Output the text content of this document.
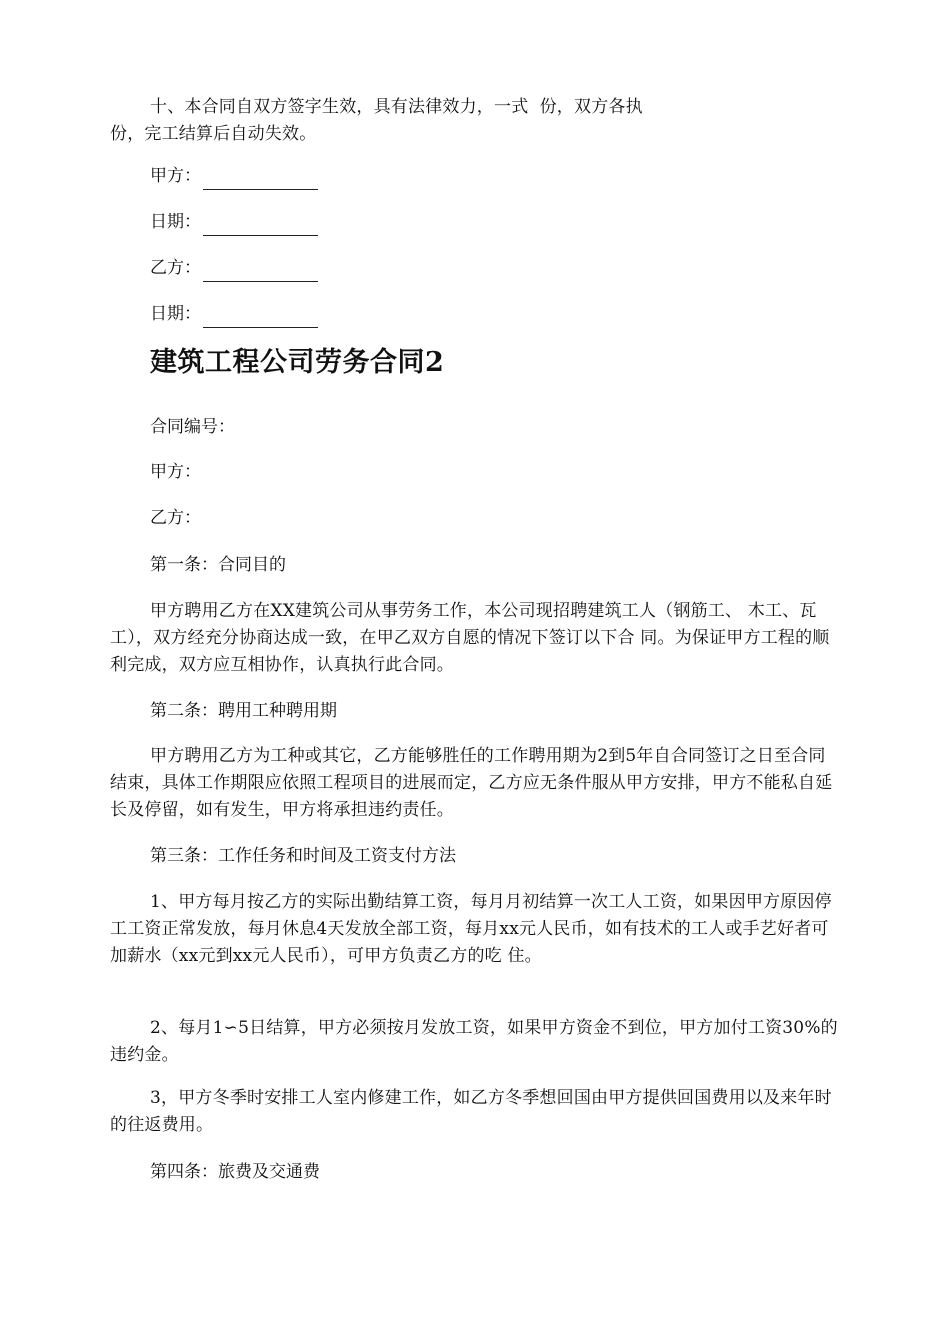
十、本合同自双方签字生效，具有法律效力，一式  份，双方各执

份，完工结算后自动失效。

甲方：
日期：
乙方：
日期：
建筑工程公司劳务合同2
合同编号：
甲方：
乙方：
第一条：合同目的

甲方聘用乙方在XX建筑公司从事劳务工作，本公司现招聘建筑工人（钢筋工、 木工、瓦工），双方经充分协商达成一致，在甲乙双方自愿的情况下签订以下合 同。为保证甲方工程的顺利完成，双方应互相协作，认真执行此合同。

第二条：聘用工种聘用期

甲方聘用乙方为工种或其它，乙方能够胜任的工作聘用期为2到5年自合同签订之日至合同结束，具体工作期限应依照工程项目的进展而定，乙方应无条件服从甲方安排，甲方不能私自延长及停留，如有发生，甲方将承担违约责任。

第三条：工作任务和时间及工资支付方法

1、甲方每月按乙方的实际出勤结算工资，每月月初结算一次工人工资，如果因甲方原因停工工资正常发放，每月休息4天发放全部工资，每月xx元人民币，如有技术的工人或手艺好者可加薪水（xx元到xx元人民币），可甲方负责乙方的吃 住。

2、每月1∽5日结算，甲方必须按月发放工资，如果甲方资金不到位，甲方加付工资30%的违约金。

3，甲方冬季时安排工人室内修建工作，如乙方冬季想回国由甲方提供回国费用以及来年时的往返费用。

第四条：旅费及交通费
